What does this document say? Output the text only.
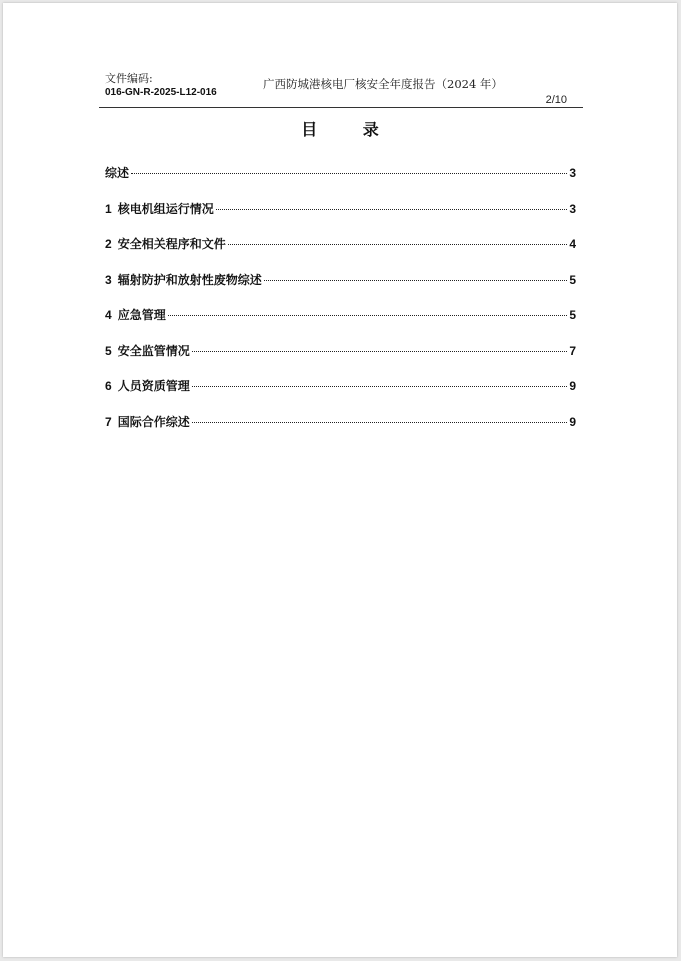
文件编码:
016-GN-R-2025-L12-016
广西防城港核电厂核安全年度报告（2024 年）
2/10
目 录
综述	3
1 核电机组运行情况	3
2 安全相关程序和文件	4
3 辐射防护和放射性废物综述	5
4 应急管理	5
5 安全监管情况	7
6 人员资质管理	9
7 国际合作综述	9
